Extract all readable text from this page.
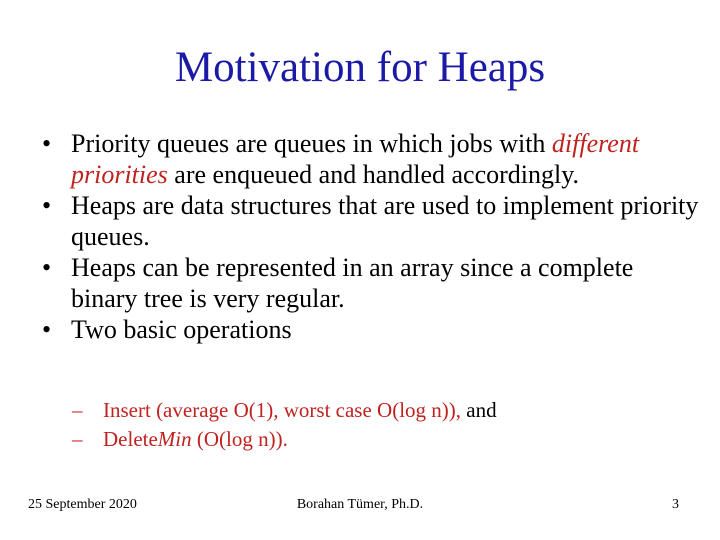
Motivation for Heaps
• Priority queues are queues in which jobs with different priorities are enqueued and handled accordingly.
• Heaps are data structures that are used to implement priority queues.
• Heaps can be represented in an array since a complete binary tree is very regular.
• Two basic operations
– Insert (average O(1), worst case O(log n)), and
– DeleteMin (O(log n)).
25 September 2020	Borahan Tümer, Ph.D.	3
